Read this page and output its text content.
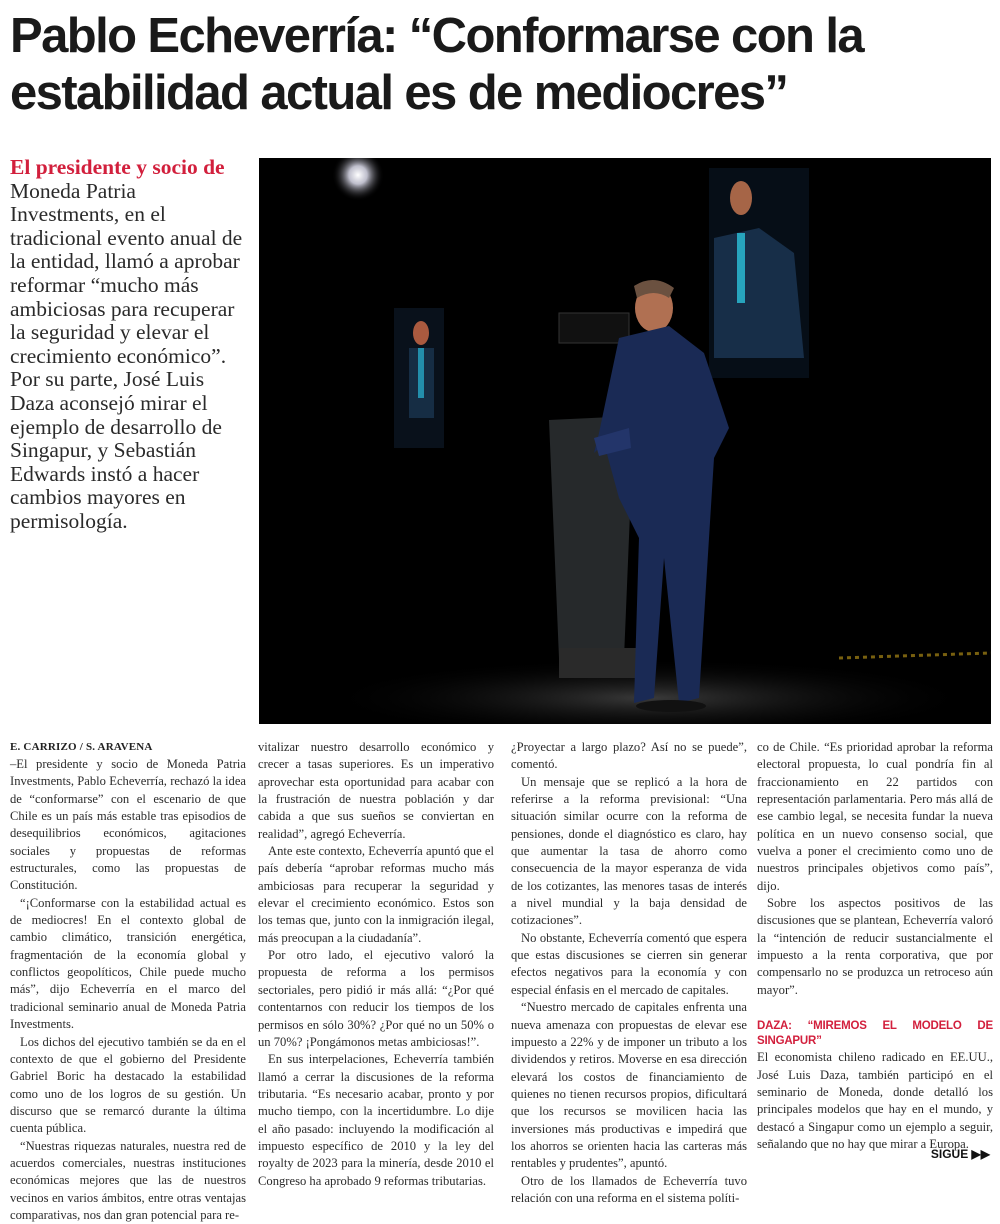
Pablo Echeverría: “Conformarse con la estabilidad actual es de mediocres”
El presidente y socio de
Moneda Patria Investments, en el tradicional evento anual de la entidad, llamó a aprobar reformar “mucho más ambiciosas para recuperar la seguridad y elevar el crecimiento económico”. Por su parte, José Luis Daza aconsejó mirar el ejemplo de desarrollo de Singapur, y Sebastián Edwards instó a hacer cambios mayores en permisología.
E. CARRIZO / S. ARAVENA

–El presidente y socio de Moneda Patria Investments, Pablo Echeverría, rechazó la idea de “conformarse” con el escenario de que Chile es un país más estable tras episodios de desequilibrios económicos, agitaciones sociales y propuestas de reformas estructurales, como las propuestas de Constitución.

“¡Conformarse con la estabilidad actual es de mediocres! En el contexto global de cambio climático, transición energética, fragmentación de la economía global y conflictos geopolíticos, Chile puede mucho más”, dijo Echeverría en el marco del tradicional seminario anual de Moneda Patria Investments.

Los dichos del ejecutivo también se da en el contexto de que el gobierno del Presidente Gabriel Boric ha destacado la estabilidad como uno de los logros de su gestión. Un discurso que se remarcó durante la última cuenta pública.

“Nuestras riquezas naturales, nuestra red de acuerdos comerciales, nuestras instituciones económicas mejores que las de nuestros vecinos en varios ámbitos, entre otras ventajas comparativas, nos dan gran potencial para re-

vitalizar nuestro desarrollo económico y crecer a tasas superiores. Es un imperativo aprovechar esta oportunidad para acabar con la frustración de nuestra población y dar cabida a que sus sueños se conviertan en realidad”, agregó Echeverría.

Ante este contexto, Echeverría apuntó que el país debería “aprobar reformas mucho más ambiciosas para recuperar la seguridad y elevar el crecimiento económico. Estos son los temas que, junto con la inmigración ilegal, más preocupan a la ciudadanía”.

Por otro lado, el ejecutivo valoró la propuesta de reforma a los permisos sectoriales, pero pidió ir más allá: “¿Por qué contentarnos con reducir los tiempos de los permisos en sólo 30%? ¿Por qué no un 50% o un 70%? ¡Pongámonos metas ambiciosas!”.

En sus interpelaciones, Echeverría también llamó a cerrar la discusiones de la reforma tributaria. “Es necesario acabar, pronto y por mucho tiempo, con la incertidumbre. Lo dije el año pasado: incluyendo la modificación al impuesto específico de 2010 y la ley del royalty de 2023 para la minería, desde 2010 el Congreso ha aprobado 9 reformas tributarias.

¿Proyectar a largo plazo? Así no se puede”, comentó.

Un mensaje que se replicó a la hora de referirse a la reforma previsional: “Una situación similar ocurre con la reforma de pensiones, donde el diagnóstico es claro, hay que aumentar la tasa de ahorro como consecuencia de la mayor esperanza de vida de los cotizantes, las menores tasas de interés a nivel mundial y la baja densidad de cotizaciones”.

No obstante, Echeverría comentó que espera que estas discusiones se cierren sin generar efectos negativos para la economía y con especial énfasis en el mercado de capitales.

“Nuestro mercado de capitales enfrenta una nueva amenaza con propuestas de elevar ese impuesto a 22% y de imponer un tributo a los dividendos y retiros. Moverse en esa dirección elevará los costos de financiamiento de quienes no tienen recursos propios, dificultará que los recursos se movilicen hacia las inversiones más productivas e impedirá que los ahorros se orienten hacia las carteras más rentables y prudentes”, apuntó.

Otro de los llamados de Echeverría tuvo relación con una reforma en el sistema políti-

co de Chile. “Es prioridad aprobar la reforma electoral propuesta, lo cual pondría fin al fraccionamiento en 22 partidos con representación parlamentaria. Pero más allá de ese cambio legal, se necesita fundar la nueva política en un nuevo consenso social, que vuelva a poner el crecimiento como uno de nuestros principales objetivos como país”, dijo.

Sobre los aspectos positivos de las discusiones que se plantean, Echeverría valoró la “intención de reducir sustancialmente el impuesto a la renta corporativa, que por compensarlo no se produzca un retroceso aún mayor”.

DAZA: “MIREMOS EL MODELO DE SINGAPUR”

El economista chileno radicado en EE.UU., José Luis Daza, también participó en el seminario de Moneda, donde detalló los principales modelos que hay en el mundo, y destacó a Singapur como un ejemplo a seguir, señalando que no hay que mirar a Europa.

SIGUE ▶▶
